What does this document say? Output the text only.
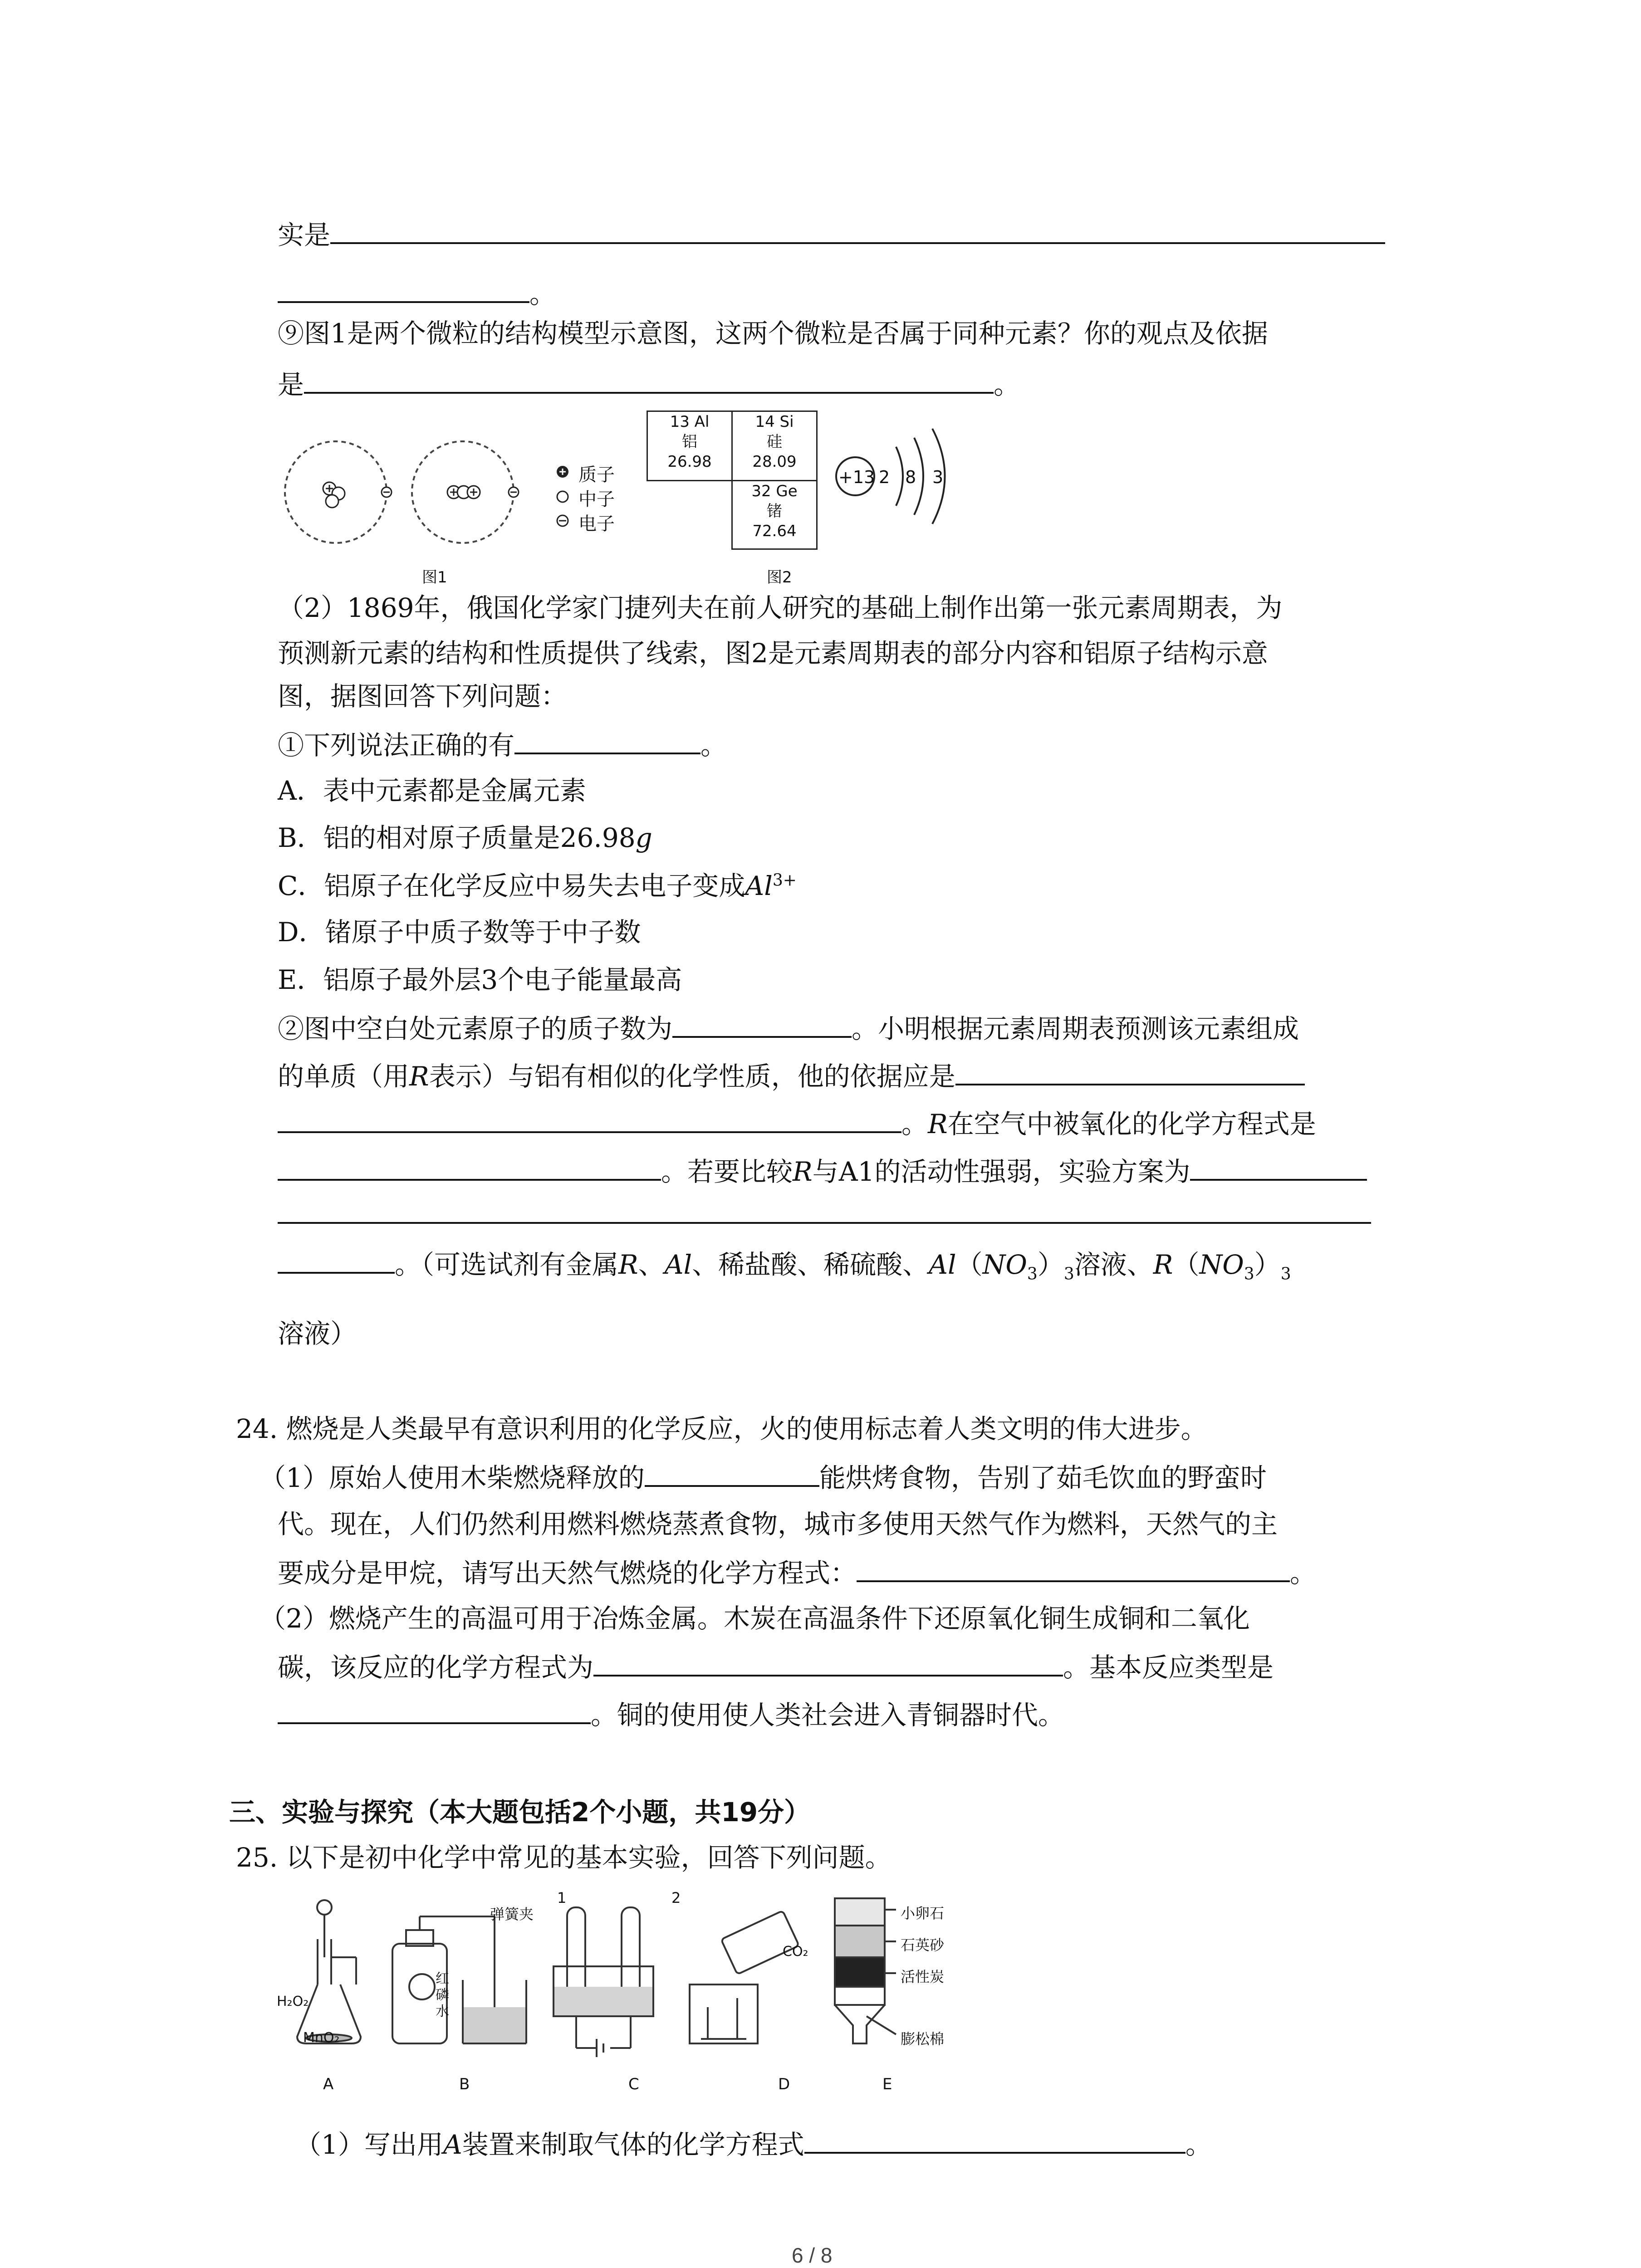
实是
。
⑨图1是两个微粒的结构模型示意图，这两个微粒是否属于同种元素？你的观点及依据
是	。
质子
中子
电子
图1
13 Al
铝
26.98
14 Si
硅
28.09
32 Ge
锗
72.64
+13 2 8 3
图2
（2）1869年，俄国化学家门捷列夫在前人研究的基础上制作出第一张元素周期表，为
预测新元素的结构和性质提供了线索，图2是元素周期表的部分内容和铝原子结构示意
图，据图回答下列问题：
①下列说法正确的有	。
A．表中元素都是金属元素
B．铝的相对原子质量是26.98g
C．铝原子在化学反应中易失去电子变成$Al^{3+}$
D．锗原子中质子数等于中子数
E．铝原子最外层3个电子能量最高
②图中空白处元素原子的质子数为	。小明根据元素周期表预测该元素组成
的单质（用R表示）与铝有相似的化学性质，他的依据应是
。R在空气中被氧化的化学方程式是
。若要比较R与A1的活动性强弱，实验方案为
。（可选试剂有金属R、Al、稀盐酸、稀硫酸、$Al(NO_3)_3$溶液、$R(NO_3)_3$
溶液）
24. 燃烧是人类最早有意识利用的化学反应，火的使用标志着人类文明的伟大进步。
（1）原始人使用木柴燃烧释放的	能烘烤食物，告别了茹毛饮血的野蛮时
代。现在，人们仍然利用燃料燃烧蒸煮食物，城市多使用天然气作为燃料，天然气的主
要成分是甲烷，请写出天然气燃烧的化学方程式：	。
（2）燃烧产生的高温可用于冶炼金属。木炭在高温条件下还原氧化铜生成铜和二氧化
碳，该反应的化学方程式为	。基本反应类型是
。铜的使用使人类社会进入青铜器时代。
三、实验与探究（本大题包括2个小题，共19分）
25. 以下是初中化学中常见的基本实验，回答下列问题。
H₂O₂
MnO₂
弹簧夹
红
磷
水
1	2
CO₂
小卵石
石英砂
活性炭
膨松棉
A	B	C	D	E
（1）写出用A装置来制取气体的化学方程式	。
6 / 8
